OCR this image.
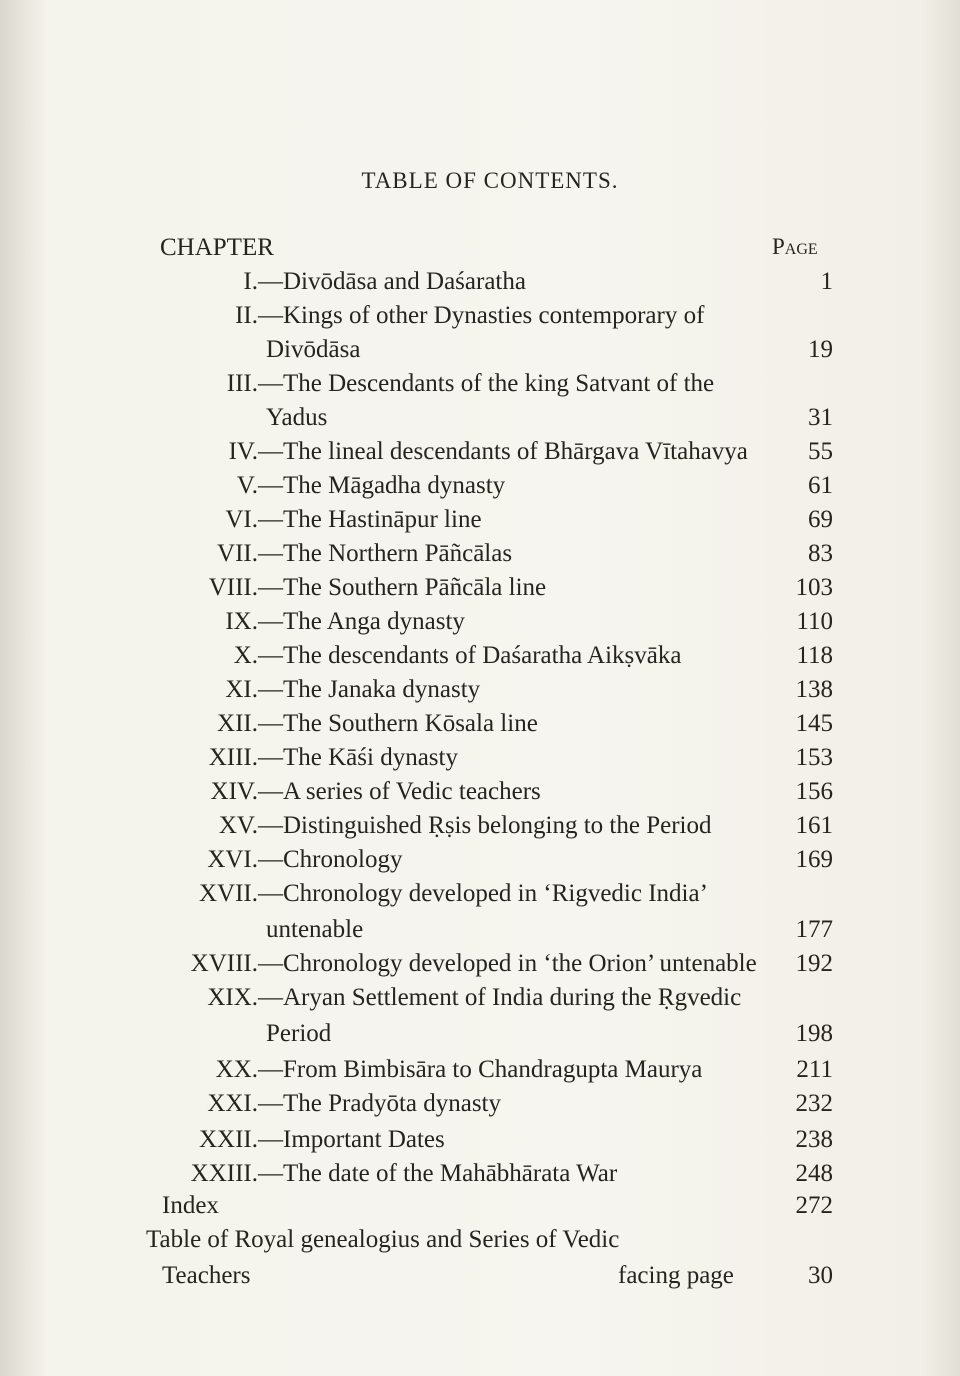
TABLE OF CONTENTS.
CHAPTER	Page
I. —Divōdāsa and Daśaratha	1
II. —Kings of other Dynasties contemporary of
Divōdāsa	19
III. —The Descendants of the king Satvant of the
Yadus	31
IV. —The lineal descendants of Bhārgava Vītahavya	55
V. —The Māgadha dynasty	61
VI. —The Hastināpur line	69
VII. —The Northern Pāñcālas	83
VIII. —The Southern Pāñcāla line	103
IX. —The Anga dynasty	110
X. —The descendants of Daśaratha Aikṣvāka	118
XI. —The Janaka dynasty	138
XII. —The Southern Kōsala line	145
XIII. —The Kāśi dynasty	153
XIV. —A series of Vedic teachers	156
XV. —Distinguished Ṛṣis belonging to the Period	161
XVI. —Chronology	169
XVII. —Chronology developed in ‘Rigvedic India’
untenable	177
XVIII. —Chronology developed in ‘the Orion’ untenable	192
XIX. —Aryan Settlement of India during the Ṛgvedic
Period	198
XX. —From Bimbisāra to Chandragupta Maurya	211
XXI. —The Pradyōta dynasty	232
XXII. —Important Dates	238
XXIII. —The date of the Mahābhārata War	248
Index	272
Table of Royal genealogius and Series of Vedic
Teachers	facing page	30
